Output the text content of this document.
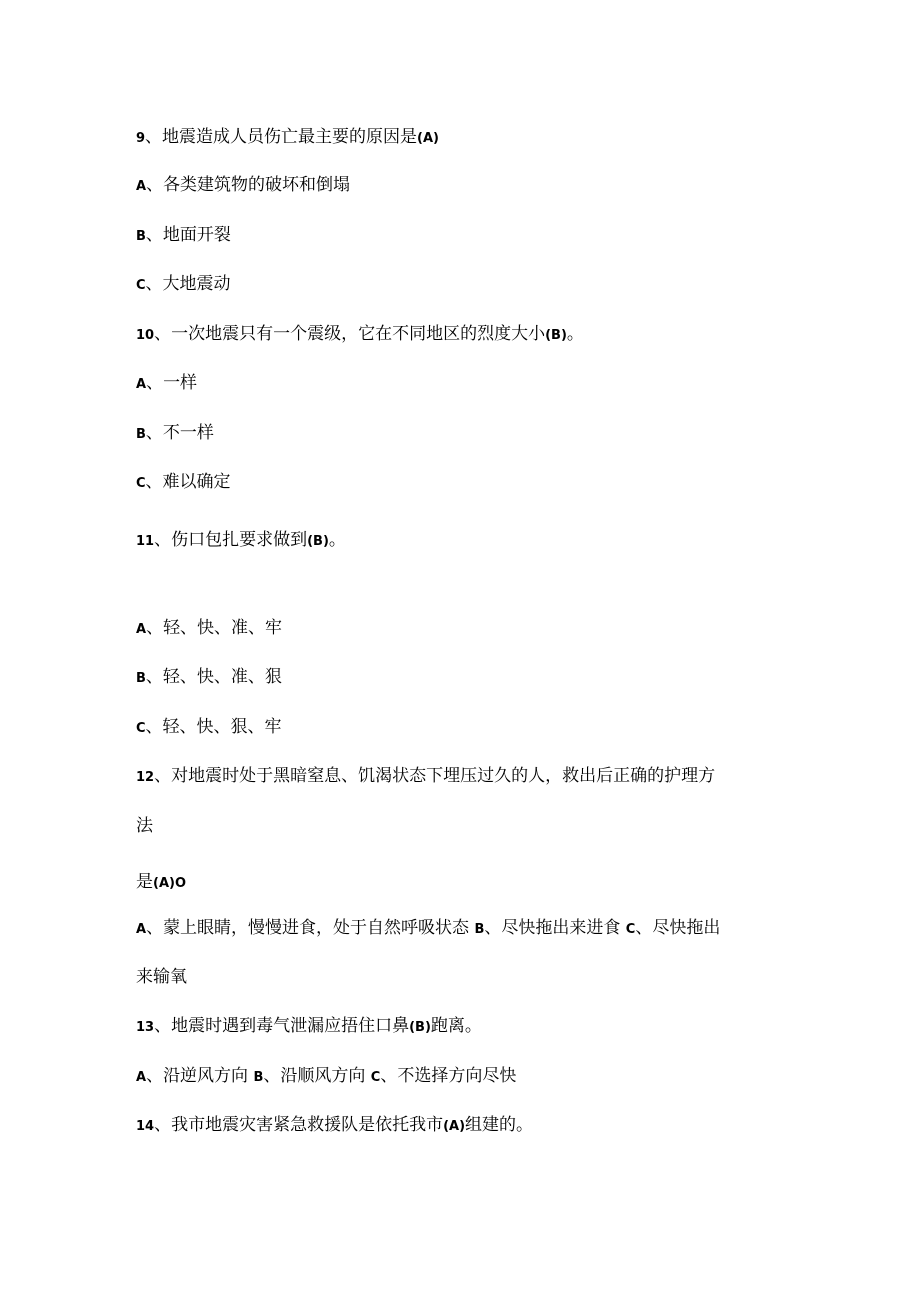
9、地震造成人员伤亡最主要的原因是(A)
A、各类建筑物的破坏和倒塌
B、地面开裂
C、大地震动
10、一次地震只有一个震级，它在不同地区的烈度大小(B)。
A、一样
B、不一样
C、难以确定
11、伤口包扎要求做到(B)。
A、轻、快、准、牢
B、轻、快、准、狠
C、轻、快、狠、牢
12、对地震时处于黑暗窒息、饥渴状态下埋压过久的人，救出后正确的护理方
法
是(A)O
A、蒙上眼睛，慢慢进食，处于自然呼吸状态 B、尽快拖出来进食 C、尽快拖出
来输氧
13、地震时遇到毒气泄漏应捂住口鼻(B)跑离。
A、沿逆风方向 B、沿顺风方向 C、不选择方向尽快
14、我市地震灾害紧急救援队是依托我市(A)组建的。
